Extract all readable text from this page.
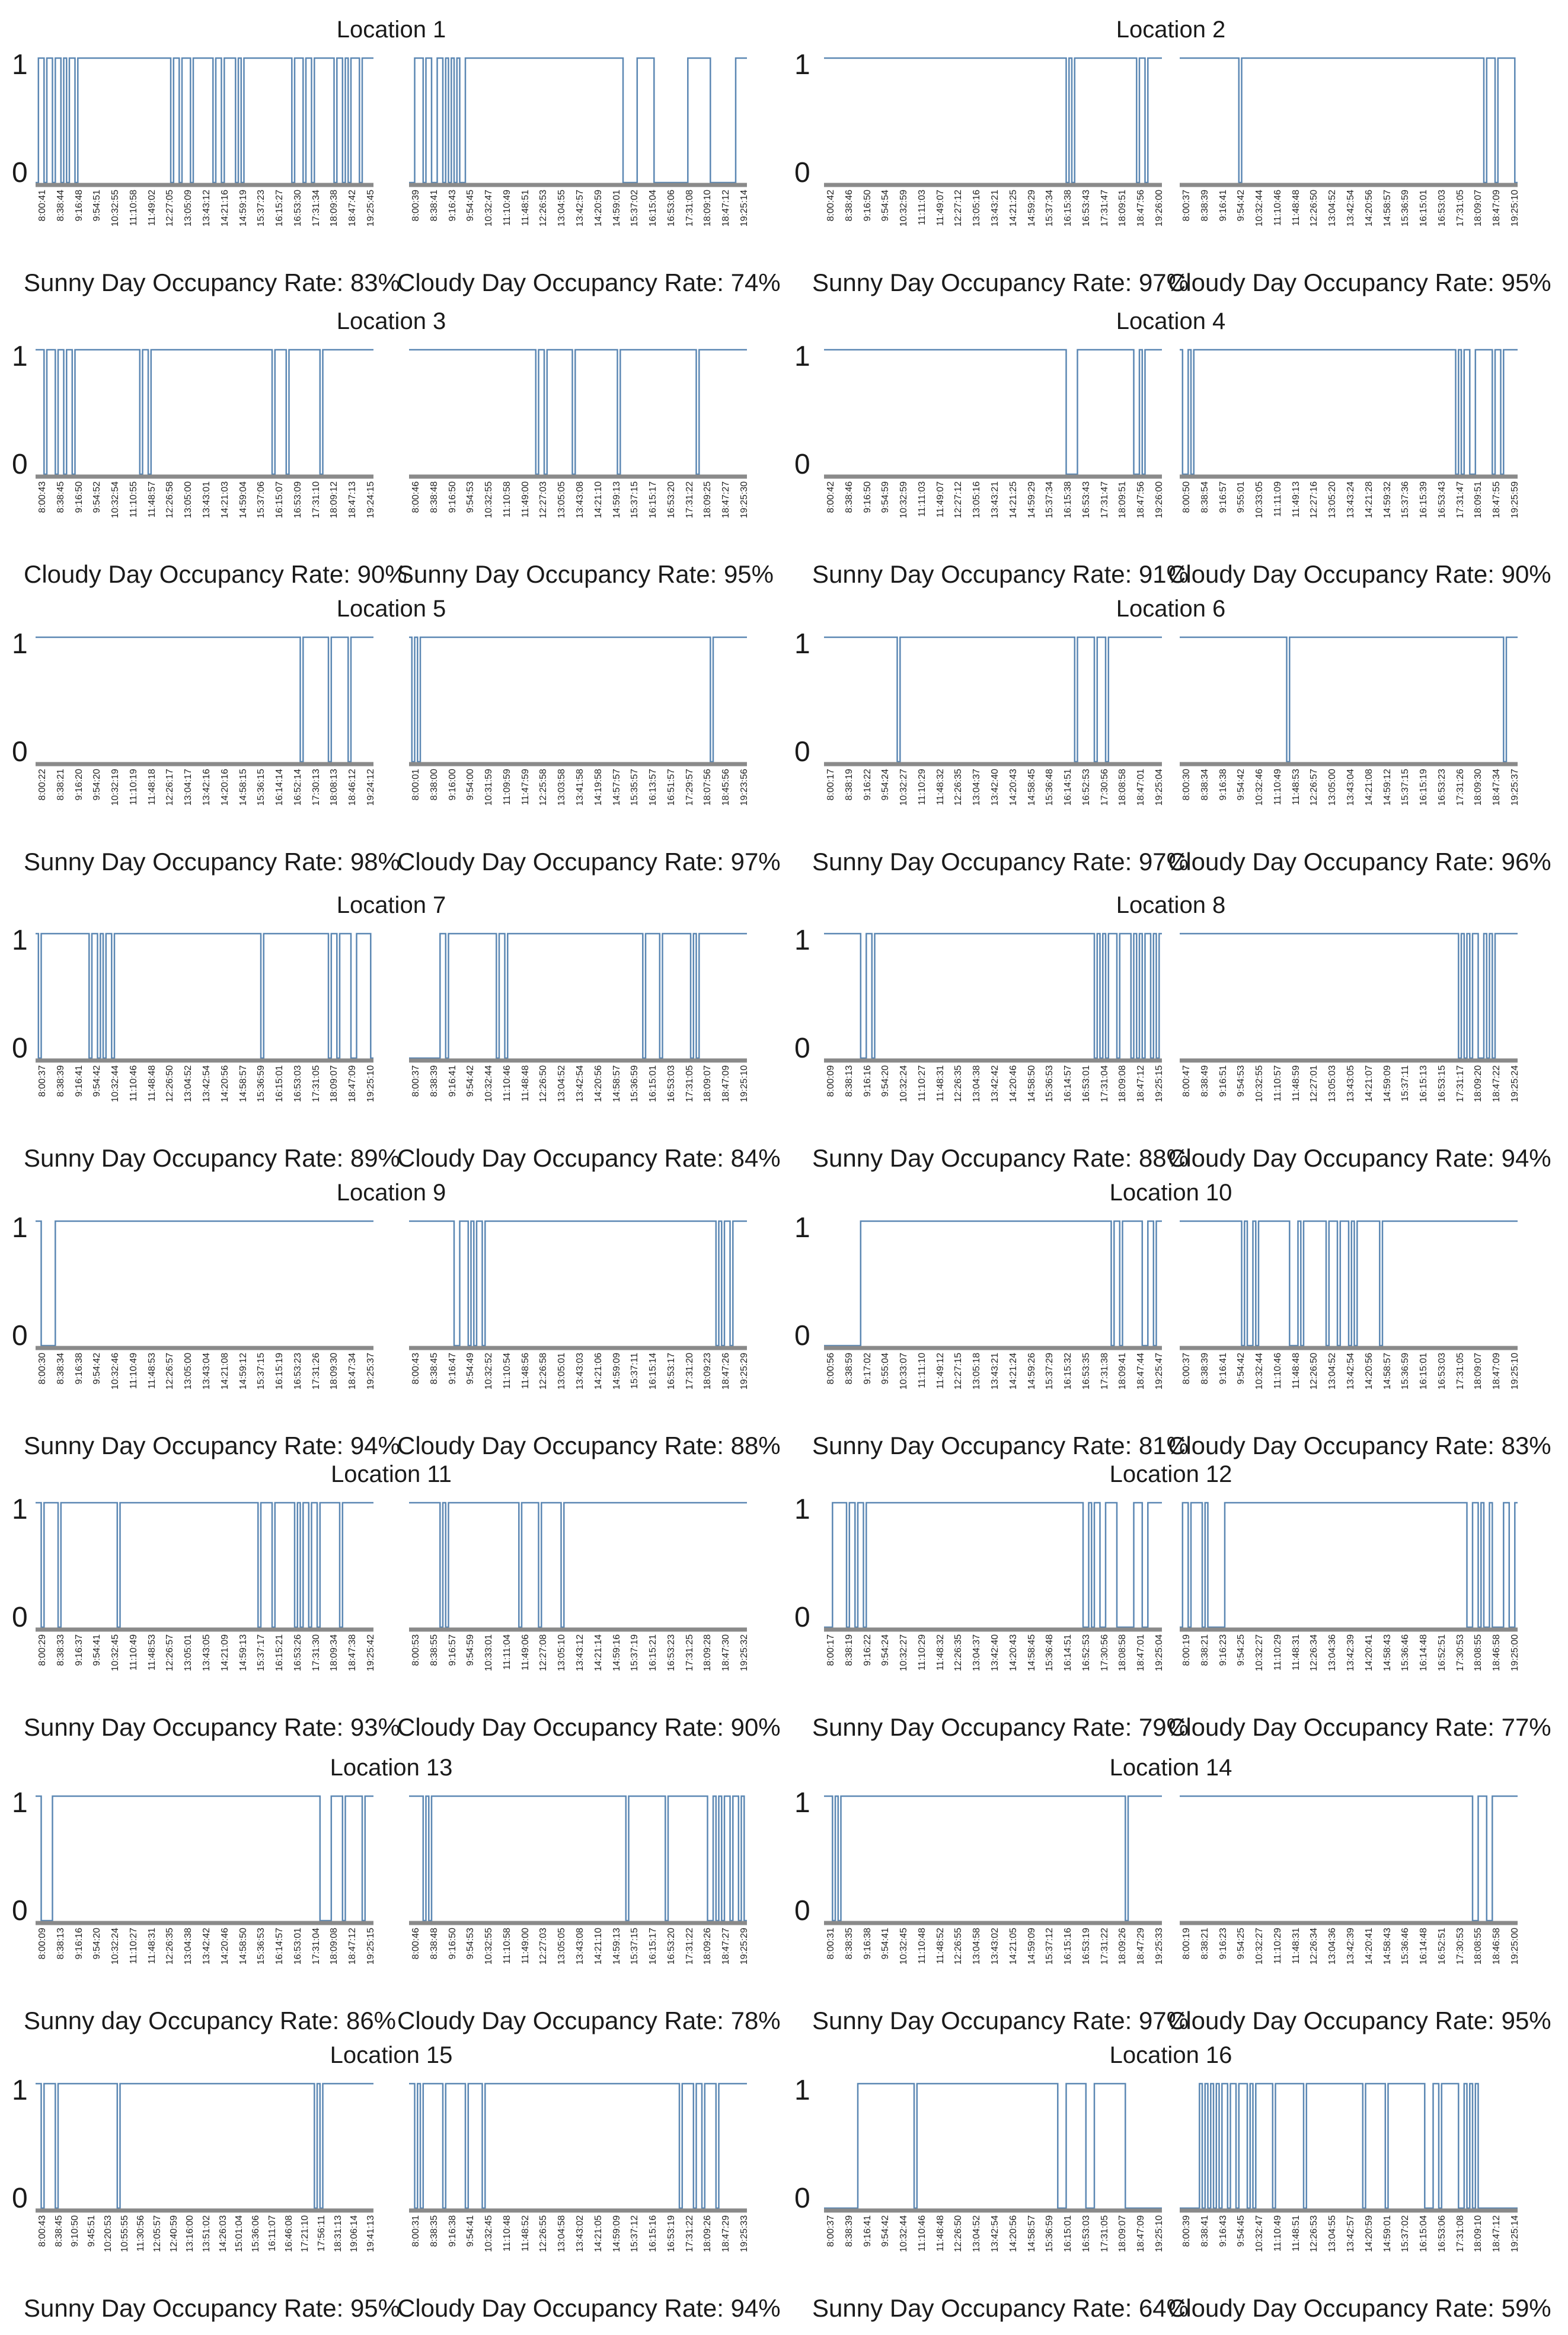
Location 1
1
0
8:00:41 8:38:44 9:16:48 9:54:51 10:32:55 11:10:58 11:49:02 12:27:05 13:05:09 13:43:12 14:21:16 14:59:19 15:37:23 16:15:27 16:53:30 17:31:34 18:09:38 18:47:42 19:25:45
Sunny Day Occupancy Rate: 83%
8:00:39 8:38:41 9:16:43 9:54:45 10:32:47 11:10:49 11:48:51 12:26:53 13:04:55 13:42:57 14:20:59 14:59:01 15:37:02 16:15:04 16:53:06 17:31:08 18:09:10 18:47:12 19:25:14
Cloudy Day Occupancy Rate: 74%
Location 2
1
0
8:00:42 8:38:46 9:16:50 9:54:54 10:32:59 11:11:03 11:49:07 12:27:12 13:05:16 13:43:21 14:21:25 14:59:29 15:37:34 16:15:38 16:53:43 17:31:47 18:09:51 18:47:56 19:26:00
Sunny Day Occupancy Rate: 97%
8:00:37 8:38:39 9:16:41 9:54:42 10:32:44 11:10:46 11:48:48 12:26:50 13:04:52 13:42:54 14:20:56 14:58:57 15:36:59 16:15:01 16:53:03 17:31:05 18:09:07 18:47:09 19:25:10
Cloudy Day Occupancy Rate: 95%
Location 3
1
0
8:00:43 8:38:45 9:16:50 9:54:52 10:32:54 11:10:55 11:48:57 12:26:58 13:05:00 13:43:01 14:21:03 14:59:04 15:37:06 16:15:07 16:53:09 17:31:10 18:09:12 18:47:13 19:24:15
Cloudy Day Occupancy Rate: 90%
8:00:46 8:38:48 9:16:50 9:54:53 10:32:55 11:10:58 11:49:00 12:27:03 13:05:05 13:43:08 14:21:10 14:59:13 15:37:15 16:15:17 16:53:20 17:31:22 18:09:25 18:47:27 19:25:30
Sunny Day Occupancy Rate: 95%
Location 4
1
0
8:00:42 8:38:46 9:16:50 9:54:59 10:32:59 11:11:03 11:49:07 12:27:12 13:05:16 13:43:21 14:21:25 14:59:29 15:37:34 16:15:38 16:53:43 17:31:47 18:09:51 18:47:56 19:26:00
Sunny Day Occupancy Rate: 91%
8:00:50 8:38:54 9:16:57 9:55:01 10:33:05 11:11:09 11:49:13 12:27:16 13:05:20 13:43:24 14:21:28 14:59:32 15:37:36 16:15:39 16:53:43 17:31:47 18:09:51 18:47:55 19:25:59
Cloudy Day Occupancy Rate: 90%
Location 5
1
0
8:00:22 8:38:21 9:16:20 9:54:20 10:32:19 11:10:19 11:48:18 12:26:17 13:04:17 13:42:16 14:20:16 14:58:15 15:36:15 16:14:14 16:52:14 17:30:13 18:08:13 18:46:12 19:24:12
Sunny Day Occupancy Rate: 98%
8:00:01 8:38:00 9:16:00 9:54:00 10:31:59 11:09:59 11:47:59 12:25:58 13:03:58 13:41:58 14:19:58 14:57:57 15:35:57 16:13:57 16:51:57 17:29:57 18:07:56 18:45:56 19:23:56
Cloudy Day Occupancy Rate: 97%
Location 6
1
0
8:00:17 8:38:19 9:16:22 9:54:24 10:32:27 11:10:29 11:48:32 12:26:35 13:04:37 13:42:40 14:20:43 14:58:45 15:36:48 16:14:51 16:52:53 17:30:56 18:08:58 18:47:01 19:25:04
Sunny Day Occupancy Rate: 97%
8:00:30 8:38:34 9:16:38 9:54:42 10:32:46 11:10:49 11:48:53 12:26:57 13:05:00 13:43:04 14:21:08 14:59:12 15:37:15 16:15:19 16:53:23 17:31:26 18:09:30 18:47:34 19:25:37
Cloudy Day Occupancy Rate: 96%
Location 7
1
0
8:00:37 8:38:39 9:16:41 9:54:42 10:32:44 11:10:46 11:48:48 12:26:50 13:04:52 13:42:54 14:20:56 14:58:57 15:36:59 16:15:01 16:53:03 17:31:05 18:09:07 18:47:09 19:25:10
Sunny Day Occupancy Rate: 89%
8:00:37 8:38:39 9:16:41 9:54:42 10:32:44 11:10:46 11:48:48 12:26:50 13:04:52 13:42:54 14:20:56 14:58:57 15:36:59 16:15:01 16:53:03 17:31:05 18:09:07 18:47:09 19:25:10
Cloudy Day Occupancy Rate: 84%
Location 8
1
0
8:00:09 8:38:13 9:16:16 9:54:20 10:32:24 11:10:27 11:48:31 12:26:35 13:04:38 13:42:42 14:20:46 14:58:50 15:36:53 16:14:57 16:53:01 17:31:04 18:09:08 18:47:12 19:25:15
Sunny Day Occupancy Rate: 88%
8:00:47 8:38:49 9:16:51 9:54:53 10:32:55 11:10:57 11:48:59 12:27:01 13:05:03 13:43:05 14:21:07 14:59:09 15:37:11 16:15:13 16:53:15 17:31:17 18:09:20 18:47:22 19:25:24
Cloudy Day Occupancy Rate: 94%
Location 9
1
0
8:00:30 8:38:34 9:16:38 9:54:42 10:32:46 11:10:49 11:48:53 12:26:57 13:05:00 13:43:04 14:21:08 14:59:12 15:37:15 16:15:19 16:53:23 17:31:26 18:09:30 18:47:34 19:25:37
Sunny Day Occupancy Rate: 94%
8:00:43 8:38:45 9:16:47 9:54:49 10:32:52 11:10:54 11:48:56 12:26:58 13:05:01 13:43:03 14:21:06 14:59:09 15:37:11 16:15:14 16:53:17 17:31:20 18:09:23 18:47:26 19:25:29
Cloudy Day Occupancy Rate: 88%
Location 10
1
0
8:00:56 8:38:59 9:17:02 9:55:04 10:33:07 11:11:10 11:49:12 12:27:15 13:05:18 13:43:21 14:21:24 14:59:26 15:37:29 16:15:32 16:53:35 17:31:38 18:09:41 18:47:44 19:25:47
Sunny Day Occupancy Rate: 81%
8:00:37 8:38:39 9:16:41 9:54:42 10:32:44 11:10:46 11:48:48 12:26:50 13:04:52 13:42:54 14:20:56 14:58:57 15:36:59 16:15:01 16:53:03 17:31:05 18:09:07 18:47:09 19:25:10
Cloudy Day Occupancy Rate: 83%
Location 11
1
0
8:00:29 8:38:33 9:16:37 9:54:41 10:32:45 11:10:49 11:48:53 12:26:57 13:05:01 13:43:05 14:21:09 14:59:13 15:37:17 16:15:21 16:53:26 17:31:30 18:09:34 18:47:38 19:25:42
Sunny Day Occupancy Rate: 93%
8:00:53 8:38:55 9:16:57 9:54:59 10:33:01 11:11:04 11:49:06 12:27:08 13:05:10 13:43:12 14:21:14 14:59:16 15:37:19 16:15:21 16:53:23 17:31:25 18:09:28 18:47:30 19:25:32
Cloudy Day Occupancy Rate: 90%
Location 12
1
0
8:00:17 8:38:19 9:16:22 9:54:24 10:32:27 11:10:29 11:48:32 12:26:35 13:04:37 13:42:40 14:20:43 14:58:45 15:36:48 16:14:51 16:52:53 17:30:56 18:08:58 18:47:01 19:25:04
Sunny Day Occupancy Rate: 79%
8:00:19 8:38:21 9:16:23 9:54:25 10:32:27 11:10:29 11:48:31 12:26:34 13:04:36 13:42:39 14:20:41 14:58:43 15:36:46 16:14:48 16:52:51 17:30:53 18:08:55 18:46:58 19:25:00
Cloudy Day Occupancy Rate: 77%
Location 13
1
0
8:00:09 8:38:13 9:16:16 9:54:20 10:32:24 11:10:27 11:48:31 12:26:35 13:04:38 13:42:42 14:20:46 14:58:50 15:36:53 16:14:57 16:53:01 17:31:04 18:09:08 18:47:12 19:25:15
Sunny day Occupancy Rate: 86%
8:00:46 8:38:48 9:16:50 9:54:53 10:32:55 11:10:58 11:49:00 12:27:03 13:05:05 13:43:08 14:21:10 14:59:13 15:37:15 16:15:17 16:53:20 17:31:22 18:09:26 18:47:27 19:25:29
Cloudy Day Occupancy Rate: 78%
Location 14
1
0
8:00:31 8:38:35 9:16:38 9:54:41 10:32:45 11:10:48 11:48:52 12:26:55 13:04:58 13:43:02 14:21:05 14:59:09 15:37:12 16:15:16 16:53:19 17:31:22 18:09:26 18:47:29 19:25:33
Sunny Day Occupancy Rate: 97%
8:00:19 8:38:21 9:16:23 9:54:25 10:32:27 11:10:29 11:48:31 12:26:34 13:04:36 13:42:39 14:20:41 14:58:43 15:36:46 16:14:48 16:52:51 17:30:53 18:08:55 18:46:58 19:25:00
Cloudy Day Occupancy Rate: 95%
Location 15
1
0
8:00:43 8:38:45 9:10:50 9:45:51 10:20:53 10:55:55 11:30:56 12:05:57 12:40:59 13:16:00 13:51:02 14:26:03 15:01:04 15:36:06 16:11:07 16:46:08 17:21:10 17:56:11 18:31:13 19:06:14 19:41:13
Sunny Day Occupancy Rate: 95%
8:00:31 8:38:35 9:16:38 9:54:41 10:32:45 11:10:48 11:48:52 12:26:55 13:04:58 13:43:02 14:21:05 14:59:09 15:37:12 16:15:16 16:53:19 17:31:22 18:09:26 18:47:29 19:25:33
Cloudy Day Occupancy Rate: 94%
Location 16
1
0
8:00:37 8:38:39 9:16:41 9:54:42 10:32:44 11:10:46 11:48:48 12:26:50 13:04:52 13:42:54 14:20:56 14:58:57 15:36:59 16:15:01 16:53:03 17:31:05 18:09:07 18:47:09 19:25:10
Sunny Day Occupancy Rate: 64%
8:00:39 8:38:41 9:16:43 9:54:45 10:32:47 11:10:49 11:48:51 12:26:53 13:04:55 13:42:57 14:20:59 14:59:01 15:37:02 16:15:04 16:53:06 17:31:08 18:09:10 18:47:12 19:25:14
Cloudy Day Occupancy Rate: 59%
